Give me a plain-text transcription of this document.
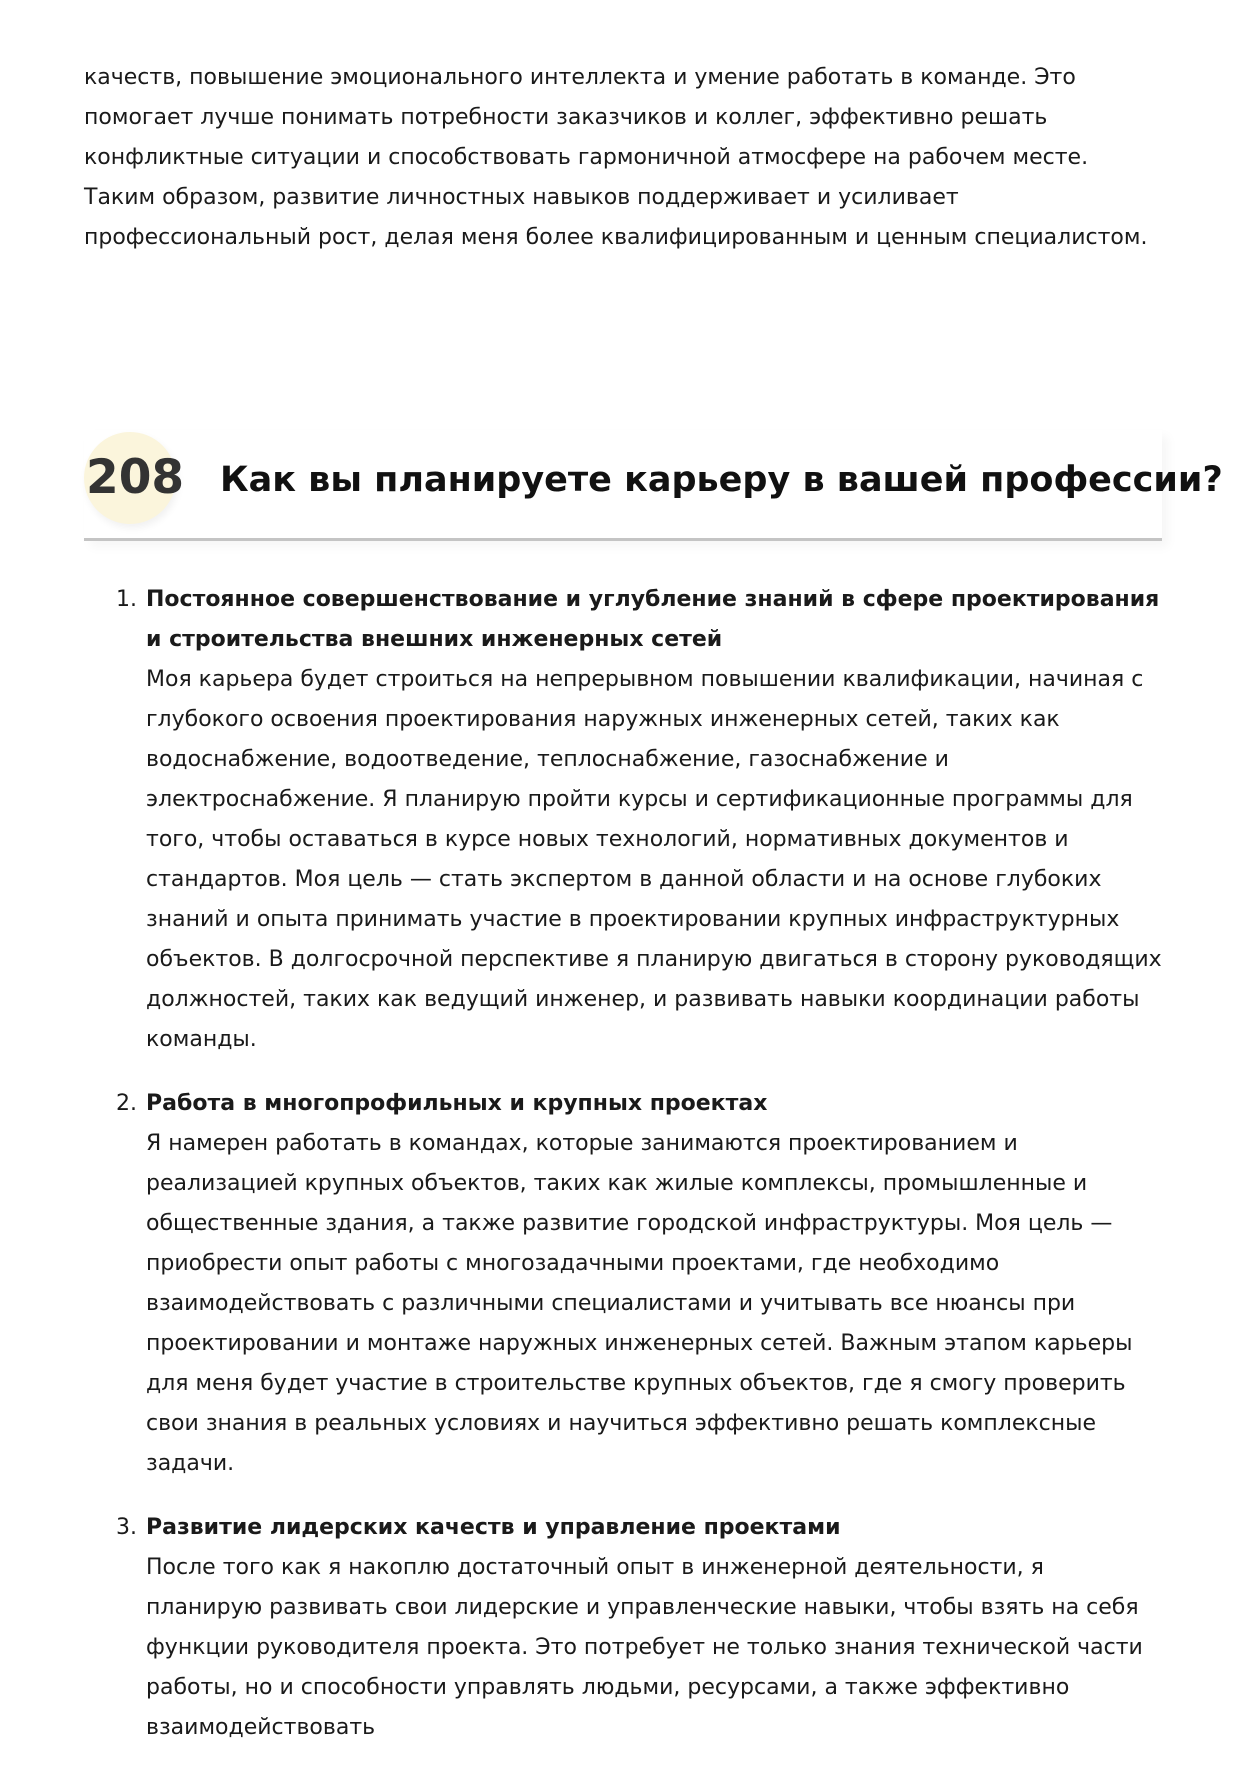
качеств, повышение эмоционального интеллекта и умение работать в команде. Это помогает лучше понимать потребности заказчиков и коллег, эффективно решать конфликтные ситуации и способствовать гармоничной атмосфере на рабочем месте. Таким образом, развитие личностных навыков поддерживает и усиливает профессиональный рост, делая меня более квалифицированным и ценным специалистом.

208 Как вы планируете карьеру в вашей профессии?
1. Постоянное совершенствование и углубление знаний в сфере проектирования и строительства внешних инженерных сетей
Моя карьера будет строиться на непрерывном повышении квалификации, начиная с глубокого освоения проектирования наружных инженерных сетей, таких как водоснабжение, водоотведение, теплоснабжение, газоснабжение и электроснабжение. Я планирую пройти курсы и сертификационные программы для того, чтобы оставаться в курсе новых технологий, нормативных документов и стандартов. Моя цель — стать экспертом в данной области и на основе глубоких знаний и опыта принимать участие в проектировании крупных инфраструктурных объектов. В долгосрочной перспективе я планирую двигаться в сторону руководящих должностей, таких как ведущий инженер, и развивать навыки координации работы команды.
2. Работа в многопрофильных и крупных проектах
Я намерен работать в командах, которые занимаются проектированием и реализацией крупных объектов, таких как жилые комплексы, промышленные и общественные здания, а также развитие городской инфраструктуры. Моя цель — приобрести опыт работы с многозадачными проектами, где необходимо взаимодействовать с различными специалистами и учитывать все нюансы при проектировании и монтаже наружных инженерных сетей. Важным этапом карьеры для меня будет участие в строительстве крупных объектов, где я смогу проверить свои знания в реальных условиях и научиться эффективно решать комплексные задачи.
3. Развитие лидерских качеств и управление проектами
После того как я накоплю достаточный опыт в инженерной деятельности, я планирую развивать свои лидерские и управленческие навыки, чтобы взять на себя функции руководителя проекта. Это потребует не только знания технической части работы, но и способности управлять людьми, ресурсами, а также эффективно взаимодействовать
